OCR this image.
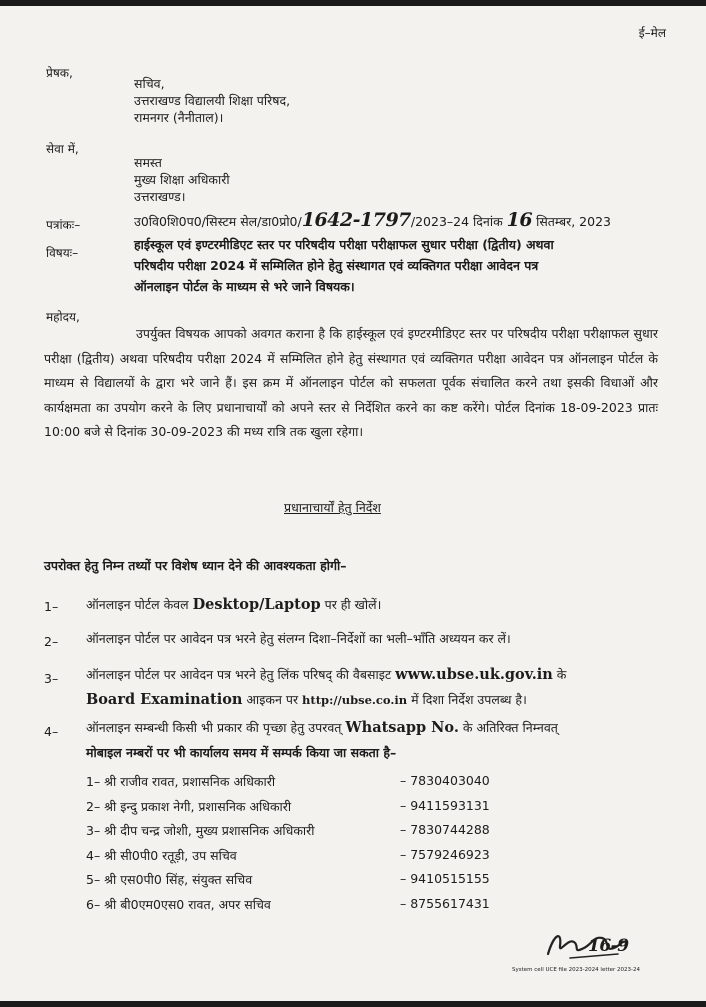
ई–मेल
प्रेषक,
सचिव,
उत्तराखण्ड विद्यालयी शिक्षा परिषद,
रामनगर (नैनीताल)।
सेवा में,
समस्त
मुख्य शिक्षा अधिकारी
उत्तराखण्ड।
पत्रांकः–	उ0वि0शि0प0/सिस्टम सेल/डा0प्रो0/1642-1797/2023–24 दिनांक 16 सितम्बर, 2023
विषयः–
हाईस्कूल एवं इण्टरमीडिएट स्तर पर परिषदीय परीक्षा परीक्षाफल सुधार परीक्षा (द्वितीय) अथवा
परिषदीय परीक्षा 2024 में सम्मिलित होने हेतु संस्थागत एवं व्यक्तिगत परीक्षा आवेदन पत्र
ऑनलाइन पोर्टल के माध्यम से भरे जाने विषयक।
महोदय,
उपर्युक्त विषयक आपको अवगत कराना है कि हाईस्कूल एवं इण्टरमीडिएट स्तर पर परिषदीय परीक्षा परीक्षाफल सुधार परीक्षा (द्वितीय) अथवा परिषदीय परीक्षा 2024 में सम्मिलित होने हेतु संस्थागत एवं व्यक्तिगत परीक्षा आवेदन पत्र ऑनलाइन पोर्टल के माध्यम से विद्यालयों के द्वारा भरे जाने हैं। इस क्रम में ऑनलाइन पोर्टल को सफलता पूर्वक संचालित करने तथा इसकी विधाओं और कार्यक्षमता का उपयोग करने के लिए प्रधानाचार्यों को अपने स्तर से निर्देशित करने का कष्ट करेंगे। पोर्टल दिनांक 18-09-2023 प्रातः 10:00 बजे से दिनांक 30-09-2023 की मध्य रात्रि तक खुला रहेगा।
प्रधानाचार्यों हेतु निर्देश
उपरोक्त हेतु निम्न तथ्यों पर विशेष ध्यान देने की आवश्यकता होगी–
1– ऑनलाइन पोर्टल केवल Desktop/Laptop पर ही खोलें।
2– ऑनलाइन पोर्टल पर आवेदन पत्र भरने हेतु संलग्न दिशा–निर्देशों का भली–भाँति अध्ययन कर लें।
3– ऑनलाइन पोर्टल पर आवेदन पत्र भरने हेतु लिंक परिषद् की वैबसाइट www.ubse.uk.gov.in के
Board Examination आइकन पर http://ubse.co.in में दिशा निर्देश उपलब्ध है।
4– ऑनलाइन सम्बन्धी किसी भी प्रकार की पृच्छा हेतु उपरवत् Whatsapp No. के अतिरिक्त निम्नवत्
मोबाइल नम्बरों पर भी कार्यालय समय में सम्पर्क किया जा सकता है–
1– श्री राजीव रावत, प्रशासनिक अधिकारी	– 7830403040
2– श्री इन्दु प्रकाश नेगी, प्रशासनिक अधिकारी	– 9411593131
3– श्री दीप चन्द्र जोशी, मुख्य प्रशासनिक अधिकारी	– 7830744288
4– श्री सी0पी0 रतूड़ी, उप सचिव	– 7579246923
5– श्री एस0पी0 सिंह, संयुक्त सचिव	– 9410515155
6– श्री बी0एम0एस0 रावत, अपर सचिव	– 8755617431
16-9
System cell UCE file 2023-2024 letter 2023-24
